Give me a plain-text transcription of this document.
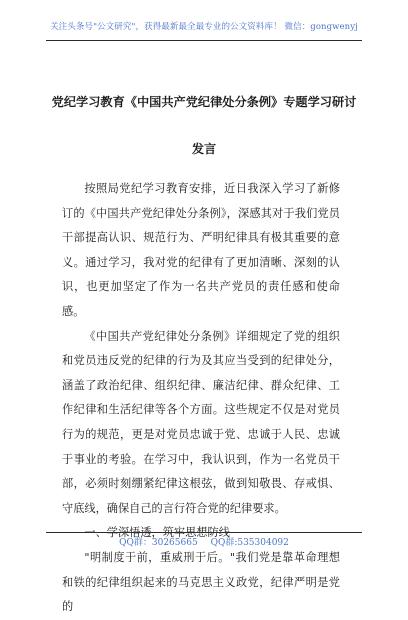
关注头条号"公文研究"，获得最新最全最专业的公文资料库！ 微信：gongwenyj
党纪学习教育《中国共产党纪律处分条例》专题学习研讨
发言

按照局党纪学习教育安排，近日我深入学习了新修订的《中国共产党纪律处分条例》，深感其对于我们党员干部提高认识、规范行为、严明纪律具有极其重要的意义。通过学习，我对党的纪律有了更加清晰、深刻的认识，也更加坚定了作为一名共产党员的责任感和使命感。

《中国共产党纪律处分条例》详细规定了党的组织和党员违反党的纪律的行为及其应当受到的纪律处分，涵盖了政治纪律、组织纪律、廉洁纪律、群众纪律、工作纪律和生活纪律等各个方面。这些规定不仅是对党员行为的规范，更是对党员忠诚于党、忠诚于人民、忠诚于事业的考验。在学习中，我认识到，作为一名党员干部，必须时刻绷紧纪律这根弦，做到知敬畏、存戒惧、守底线，确保自己的言行符合党的纪律要求。

一、学深悟透，筑牢思想防线

"明制度于前，重威刑于后。"我们党是靠革命理想和铁的纪律组织起来的马克思主义政党，纪律严明是党的

QQ群：30265665 QQ群:535304092
